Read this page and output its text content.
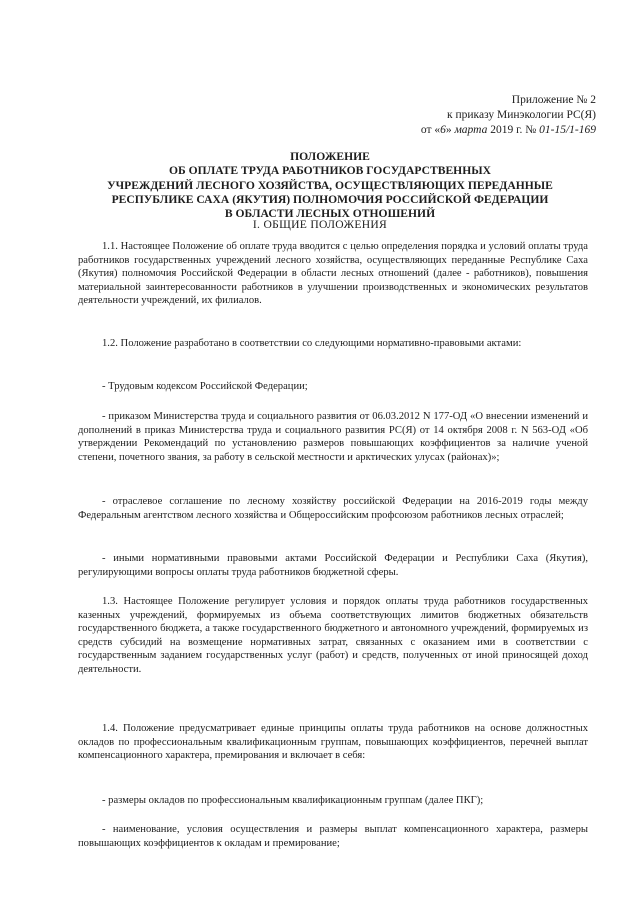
Приложение № 2
к приказу Минэкологии РС(Я)
от «6» марта 2019 г. № 01-15/1-169
ПОЛОЖЕНИЕ
ОБ ОПЛАТЕ ТРУДА РАБОТНИКОВ ГОСУДАРСТВЕННЫХ
УЧРЕЖДЕНИЙ ЛЕСНОГО ХОЗЯЙСТВА, ОСУЩЕСТВЛЯЮЩИХ ПЕРЕДАННЫЕ
РЕСПУБЛИКЕ САХА (ЯКУТИЯ) ПОЛНОМОЧИЯ РОССИЙСКОЙ ФЕДЕРАЦИИ
В ОБЛАСТИ ЛЕСНЫХ ОТНОШЕНИЙ
I. ОБЩИЕ ПОЛОЖЕНИЯ
1.1. Настоящее Положение об оплате труда вводится с целью определения порядка и условий оплаты труда работников государственных учреждений лесного хозяйства, осуществляющих переданные Республике Саха (Якутия) полномочия Российской Федерации в области лесных отношений (далее - работников), повышения материальной заинтересованности работников в улучшении производственных и экономических результатов деятельности учреждений, их филиалов.
1.2. Положение разработано в соответствии со следующими нормативно-правовыми актами:
- Трудовым кодексом Российской Федерации;
- приказом Министерства труда и социального развития от 06.03.2012 N 177-ОД «О внесении изменений и дополнений в приказ Министерства труда и социального развития РС(Я) от 14 октября 2008 г. N 563-ОД «Об утверждении Рекомендаций по установлению размеров повышающих коэффициентов за наличие ученой степени, почетного звания, за работу в сельской местности и арктических улусах (районах)»;
- отраслевое соглашение по лесному хозяйству российской Федерации на 2016-2019 годы между Федеральным агентством лесного хозяйства и Общероссийским профсоюзом работников лесных отраслей;
- иными нормативными правовыми актами Российской Федерации и Республики Саха (Якутия), регулирующими вопросы оплаты труда работников бюджетной сферы.
1.3. Настоящее Положение регулирует условия и порядок оплаты труда работников государственных казенных учреждений, формируемых из объема соответствующих лимитов бюджетных обязательств государственного бюджета, а также государственного бюджетного и автономного учреждений, формируемых из средств субсидий на возмещение нормативных затрат, связанных с оказанием ими в соответствии с государственным заданием государственных услуг (работ) и средств, полученных от иной приносящей доход деятельности.
1.4. Положение предусматривает единые принципы оплаты труда работников на основе должностных окладов по профессиональным квалификационным группам, повышающих коэффициентов, перечней выплат компенсационного характера, премирования и включает в себя:
- размеры окладов по профессиональным квалификационным группам (далее ПКГ);
- наименование, условия осуществления и размеры выплат компенсационного характера, размеры повышающих коэффициентов к окладам и премирование;
